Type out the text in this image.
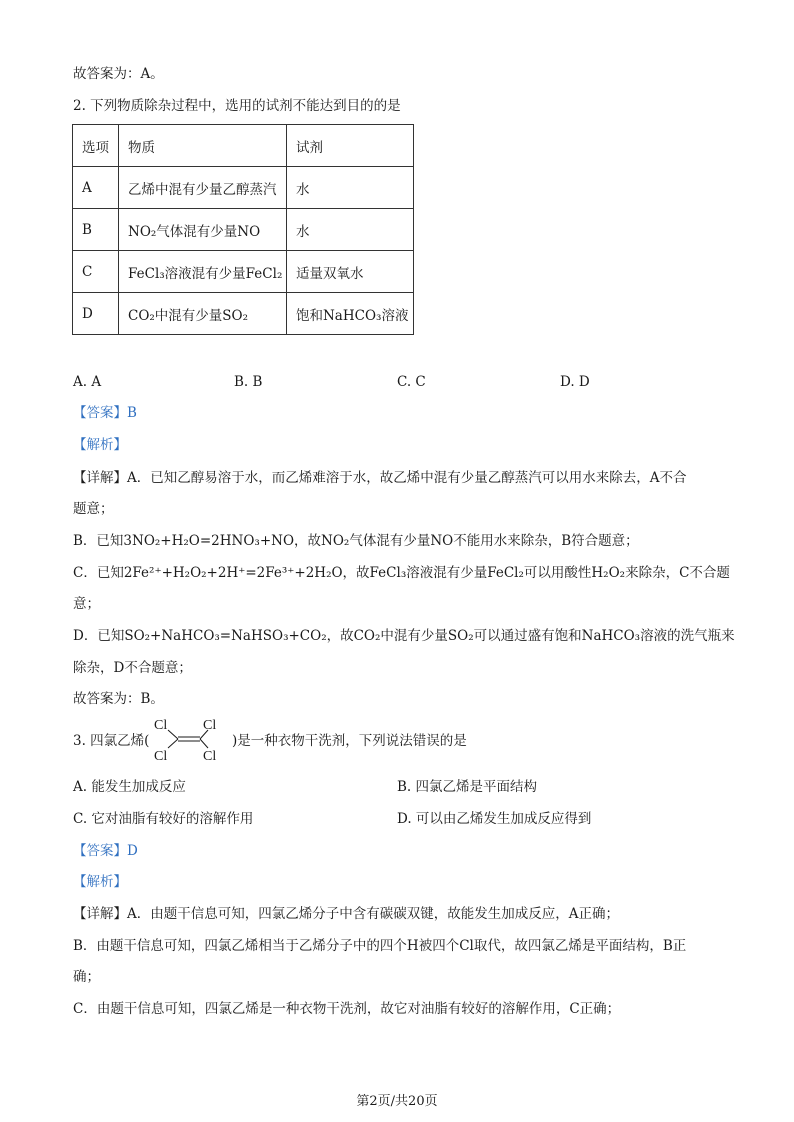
故答案为：A。
2. 下列物质除杂过程中，选用的试剂不能达到目的的是
选项	物质	试剂
A	乙烯中混有少量乙醇蒸汽	水
B	NO₂气体混有少量NO	水
C	FeCl₃溶液混有少量FeCl₂	适量双氧水
D	CO₂中混有少量SO₂	饱和NaHCO₃溶液
A. A	B. B	C. C	D. D
【答案】B
【解析】
【详解】A．已知乙醇易溶于水，而乙烯难溶于水，故乙烯中混有少量乙醇蒸汽可以用水来除去，A不合
题意；
B．已知3NO₂+H₂O=2HNO₃+NO，故NO₂气体混有少量NO不能用水来除杂，B符合题意；
C．已知2Fe²⁺+H₂O₂+2H⁺=2Fe³⁺+2H₂O，故FeCl₃溶液混有少量FeCl₂可以用酸性H₂O₂来除杂，C不合题
意；
D．已知SO₂+NaHCO₃=NaHSO₃+CO₂，故CO₂中混有少量SO₂可以通过盛有饱和NaHCO₃溶液的洗气瓶来
除杂，D不合题意；
故答案为：B。
3. 四氯乙烯(
Cl	Cl
Cl	Cl
)是一种衣物干洗剂，下列说法错误的是
A. 能发生加成反应	B. 四氯乙烯是平面结构
C. 它对油脂有较好的溶解作用	D. 可以由乙烯发生加成反应得到
【答案】D
【解析】
【详解】A．由题干信息可知，四氯乙烯分子中含有碳碳双键，故能发生加成反应，A正确；
B．由题干信息可知，四氯乙烯相当于乙烯分子中的四个H被四个Cl取代，故四氯乙烯是平面结构，B正
确；
C．由题干信息可知，四氯乙烯是一种衣物干洗剂，故它对油脂有较好的溶解作用，C正确；
第2页/共20页
